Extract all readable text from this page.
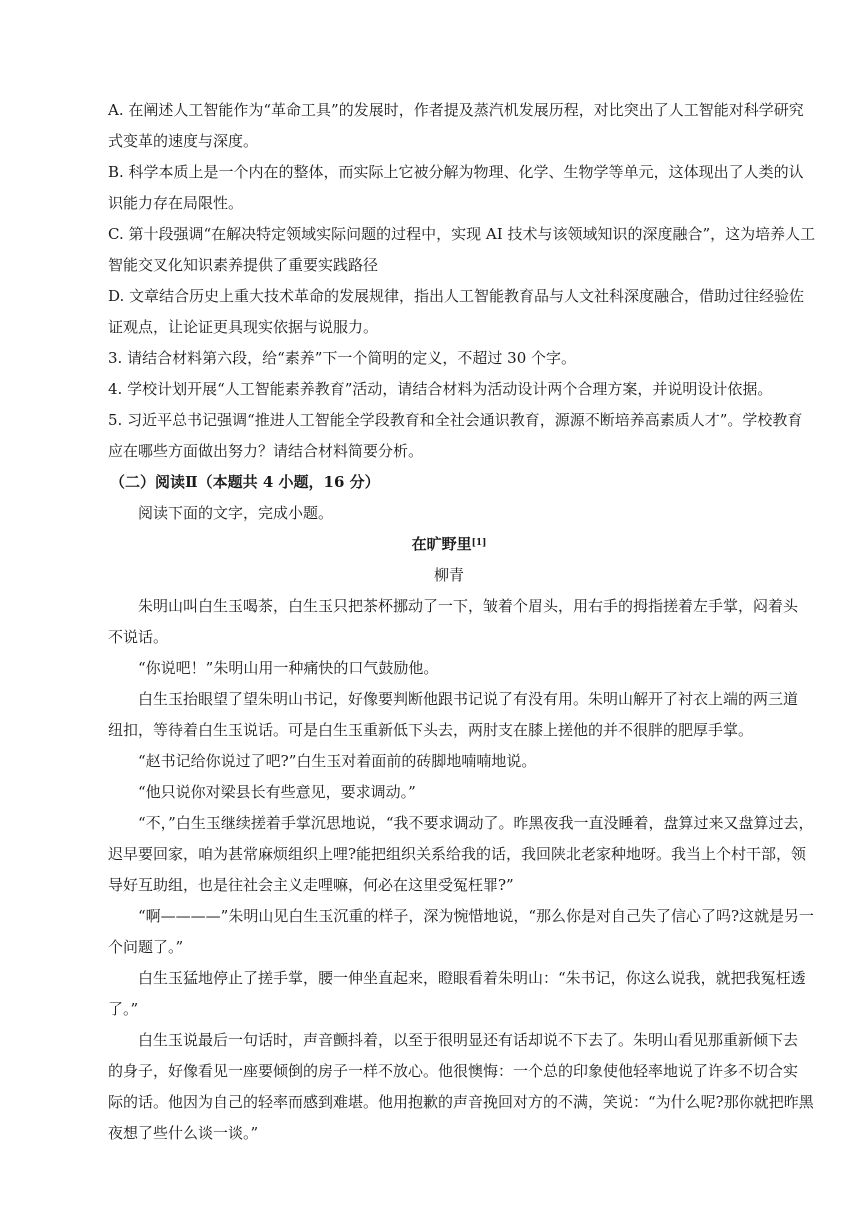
A. 在阐述人工智能作为“革命工具”的发展时，作者提及蒸汽机发展历程，对比突出了人工智能对科学研究

式变革的速度与深度。

B. 科学本质上是一个内在的整体，而实际上它被分解为物理、化学、生物学等单元，这体现出了人类的认

识能力存在局限性。

C. 第十段强调“在解决特定领域实际问题的过程中，实现 AI 技术与该领域知识的深度融合”，这为培养人工

智能交叉化知识素养提供了重要实践路径

D. 文章结合历史上重大技术革命的发展规律，指出人工智能教育品与人文社科深度融合，借助过往经验佐

证观点，让论证更具现实依据与说服力。

3. 请结合材料第六段，给“素养”下一个简明的定义，不超过 30 个字。

4. 学校计划开展“人工智能素养教育”活动，请结合材料为活动设计两个合理方案，并说明设计依据。

5. 习近平总书记强调“推进人工智能全学段教育和全社会通识教育，源源不断培养高素质人才”。学校教育

应在哪些方面做出努力？请结合材料简要分析。

（二）阅读Ⅱ（本题共 4 小题，16 分）

阅读下面的文字，完成小题。

在旷野里[1]

柳青

朱明山叫白生玉喝茶，白生玉只把茶杯挪动了一下，皱着个眉头，用右手的拇指搓着左手掌，闷着头

不说话。

“你说吧！”朱明山用一种痛快的口气鼓励他。

白生玉抬眼望了望朱明山书记，好像要判断他跟书记说了有没有用。朱明山解开了衬衣上端的两三道

纽扣，等待着白生玉说话。可是白生玉重新低下头去，两肘支在膝上搓他的并不很胖的肥厚手掌。

“赵书记给你说过了吧?”白生玉对着面前的砖脚地喃喃地说。

“他只说你对梁县长有些意见，要求调动。”

“不，”白生玉继续搓着手掌沉思地说，“我不要求调动了。昨黑夜我一直没睡着，盘算过来又盘算过去，

迟早要回家，咱为甚常麻烦组织上哩?能把组织关系给我的话，我回陕北老家种地呀。我当上个村干部，领

导好互助组，也是往社会主义走哩嘛，何必在这里受冤枉罪?”

“啊————”朱明山见白生玉沉重的样子，深为惋惜地说，“那么你是对自己失了信心了吗?这就是另一

个问题了。”

白生玉猛地停止了搓手掌，腰一伸坐直起来，瞪眼看着朱明山：“朱书记，你这么说我，就把我冤枉透

了。”

白生玉说最后一句话时，声音颤抖着，以至于很明显还有话却说不下去了。朱明山看见那重新倾下去

的身子，好像看见一座要倾倒的房子一样不放心。他很懊悔：一个总的印象使他轻率地说了许多不切合实

际的话。他因为自己的轻率而感到难堪。他用抱歉的声音挽回对方的不满，笑说：“为什么呢?那你就把昨黑

夜想了些什么谈一谈。”
